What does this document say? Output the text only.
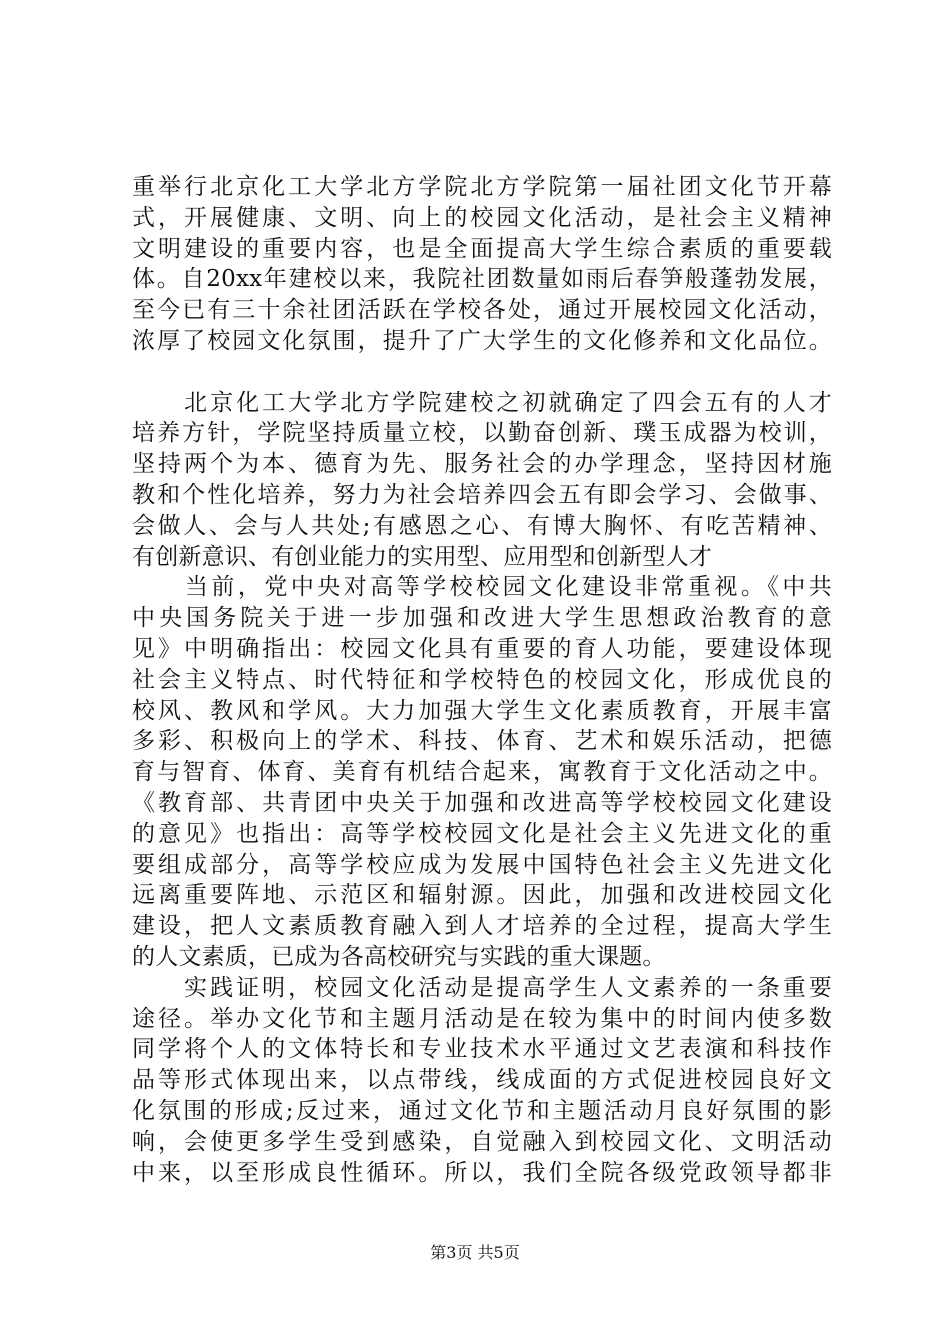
重举行北京化工大学北方学院北方学院第一届社团文化节开幕
式，开展健康、文明、向上的校园文化活动，是社会主义精神
文明建设的重要内容，也是全面提高大学生综合素质的重要载
体。自20xx年建校以来，我院社团数量如雨后春笋般蓬勃发展，
至今已有三十余社团活跃在学校各处，通过开展校园文化活动，
浓厚了校园文化氛围，提升了广大学生的文化修养和文化品位。
　　北京化工大学北方学院建校之初就确定了四会五有的人才
培养方针，学院坚持质量立校，以勤奋创新、璞玉成器为校训，
坚持两个为本、德育为先、服务社会的办学理念，坚持因材施
教和个性化培养，努力为社会培养四会五有即会学习、会做事、
会做人、会与人共处;有感恩之心、有博大胸怀、有吃苦精神、
有创新意识、有创业能力的实用型、应用型和创新型人才
　　当前，党中央对高等学校校园文化建设非常重视。《中共
中央国务院关于进一步加强和改进大学生思想政治教育的意
见》中明确指出：校园文化具有重要的育人功能，要建设体现
社会主义特点、时代特征和学校特色的校园文化，形成优良的
校风、教风和学风。大力加强大学生文化素质教育，开展丰富
多彩、积极向上的学术、科技、体育、艺术和娱乐活动，把德
育与智育、体育、美育有机结合起来，寓教育于文化活动之中。
《教育部、共青团中央关于加强和改进高等学校校园文化建设
的意见》也指出：高等学校校园文化是社会主义先进文化的重
要组成部分，高等学校应成为发展中国特色社会主义先进文化
远离重要阵地、示范区和辐射源。因此，加强和改进校园文化
建设，把人文素质教育融入到人才培养的全过程，提高大学生
的人文素质，已成为各高校研究与实践的重大课题。
　　实践证明，校园文化活动是提高学生人文素养的一条重要
途径。举办文化节和主题月活动是在较为集中的时间内使多数
同学将个人的文体特长和专业技术水平通过文艺表演和科技作
品等形式体现出来，以点带线，线成面的方式促进校园良好文
化氛围的形成;反过来，通过文化节和主题活动月良好氛围的影
响，会使更多学生受到感染，自觉融入到校园文化、文明活动
中来，以至形成良性循环。所以，我们全院各级党政领导都非
第3页 共5页
